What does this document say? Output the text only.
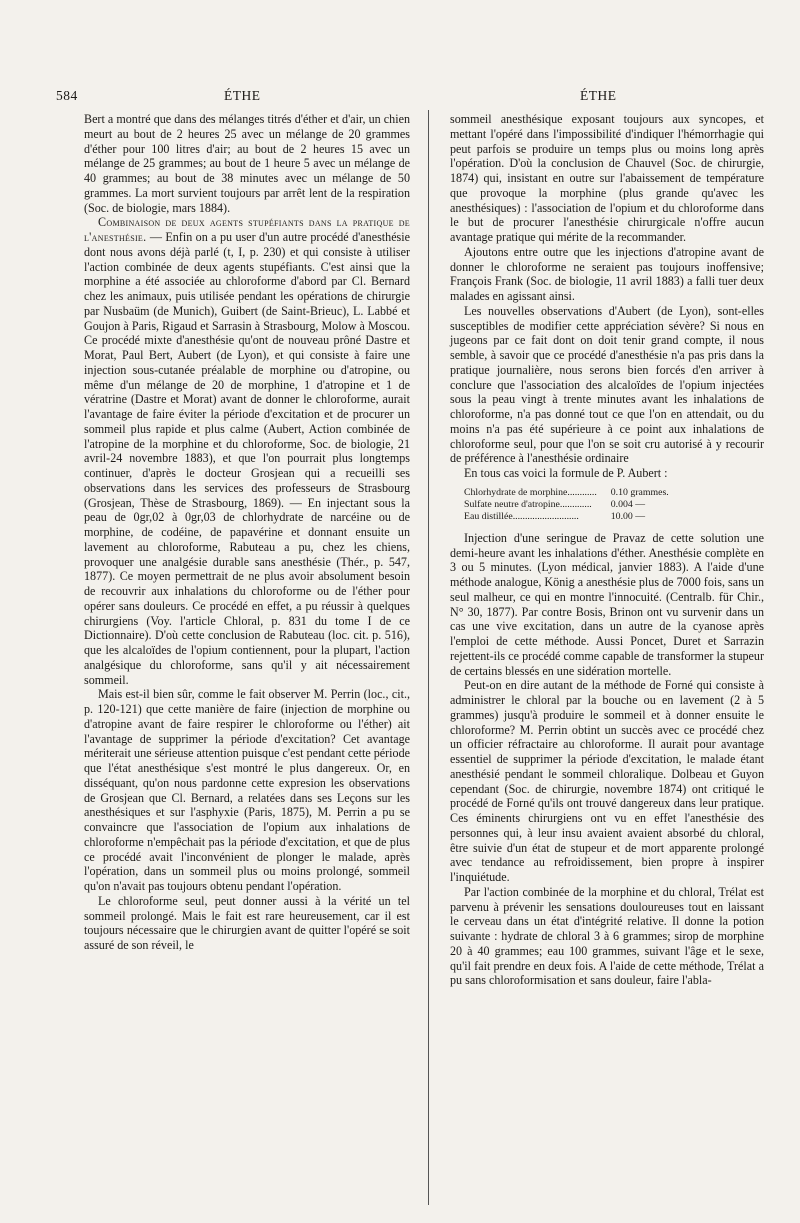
584	ÉTHE	ÉTHE

Bert a montré que dans des mélanges titrés d'éther et d'air, un chien meurt au bout de 2 heures 25 avec un mélange de 20 grammes d'éther pour 100 litres d'air; au bout de 2 heures 15 avec un mélange de 25 grammes; au bout de 1 heure 5 avec un mélange de 40 grammes; au bout de 38 minutes avec un mélange de 50 grammes. La mort survient toujours par arrêt lent de la respiration (Soc. de biologie, mars 1884).

Combinaison de deux agents stupéfiants dans la pratique de l'anesthésie. — Enfin on a pu user d'un autre procédé d'anesthésie dont nous avons déjà parlé (t, I, p. 230) et qui consiste à utiliser l'action combinée de deux agents stupéfiants. C'est ainsi que la morphine a été associée au chloroforme d'abord par Cl. Bernard chez les animaux, puis utilisée pendant les opérations de chirurgie par Nusbaüm (de Munich), Guibert (de Saint-Brieuc), L. Labbé et Goujon à Paris, Rigaud et Sarrasin à Strasbourg, Molow à Moscou. Ce procédé mixte d'anesthésie qu'ont de nouveau prôné Dastre et Morat, Paul Bert, Aubert (de Lyon), et qui consiste à faire une injection sous-cutanée préalable de morphine ou d'atropine, ou même d'un mélange de 20 de morphine, 1 d'atropine et 1 de vératrine (Dastre et Morat) avant de donner le chloroforme, aurait l'avantage de faire éviter la période d'excitation et de procurer un sommeil plus rapide et plus calme (Aubert, Action combinée de l'atropine de la morphine et du chloroforme, Soc. de biologie, 21 avril-24 novembre 1883), et que l'on pourrait plus longtemps continuer, d'après le docteur Grosjean qui a recueilli ses observations dans les services des professeurs de Strasbourg (Grosjean, Thèse de Strasbourg, 1869). — En injectant sous la peau de 0gr,02 à 0gr,03 de chlorhydrate de narcéine ou de morphine, de codéine, de papavérine et donnant ensuite un lavement au chloroforme, Rabuteau a pu, chez les chiens, provoquer une analgésie durable sans anesthésie (Thér., p. 547, 1877). Ce moyen permettrait de ne plus avoir absolument besoin de recouvrir aux inhalations du chloroforme ou de l'éther pour opérer sans douleurs. Ce procédé en effet, a pu réussir à quelques chirurgiens (Voy. l'article Chloral, p. 831 du tome I de ce Dictionnaire). D'où cette conclusion de Rabuteau (loc. cit. p. 516), que les alcaloïdes de l'opium contiennent, pour la plupart, l'action analgésique du chloroforme, sans qu'il y ait nécessairement sommeil.

Mais est-il bien sûr, comme le fait observer M. Perrin (loc., cit., p. 120-121) que cette manière de faire (injection de morphine ou d'atropine avant de faire respirer le chloroforme ou l'éther) ait l'avantage de supprimer la période d'excitation? Cet avantage mériterait une sérieuse attention puisque c'est pendant cette période que l'état anesthésique s'est montré le plus dangereux. Or, en disséquant, qu'on nous pardonne cette expresion les observations de Grosjean que Cl. Bernard, a relatées dans ses Leçons sur les anesthésiques et sur l'asphyxie (Paris, 1875), M. Perrin a pu se convaincre que l'association de l'opium aux inhalations de chloroforme n'empêchait pas la période d'excitation, et que de plus ce procédé avait l'inconvénient de plonger le malade, après l'opération, dans un sommeil plus ou moins prolongé, sommeil qu'on n'avait pas toujours obtenu pendant l'opération.

Le chloroforme seul, peut donner aussi à la vérité un tel sommeil prolongé. Mais le fait est rare heureusement, car il est toujours nécessaire que le chirurgien avant de quitter l'opéré se soit assuré de son réveil, le

sommeil anesthésique exposant toujours aux syncopes, et mettant l'opéré dans l'impossibilité d'indiquer l'hémorrhagie qui peut parfois se produire un temps plus ou moins long après l'opération. D'où la conclusion de Chauvel (Soc. de chirurgie, 1874) qui, insistant en outre sur l'abaissement de température que provoque la morphine (plus grande qu'avec les anesthésiques) : l'association de l'opium et du chloroforme dans le but de procurer l'anesthésie chirurgicale n'offre aucun avantage pratique qui mérite de la recommander.

Ajoutons entre outre que les injections d'atropine avant de donner le chloroforme ne seraient pas toujours inoffensive; François Frank (Soc. de biologie, 11 avril 1883) a falli tuer deux malades en agissant ainsi.

Les nouvelles observations d'Aubert (de Lyon), sont-elles susceptibles de modifier cette appréciation sévère? Si nous en jugeons par ce fait dont on doit tenir grand compte, il nous semble, à savoir que ce procédé d'anesthésie n'a pas pris dans la pratique journalière, nous serons bien forcés d'en arriver à conclure que l'association des alcaloïdes de l'opium injectées sous la peau vingt à trente minutes avant les inhalations de chloroforme, n'a pas donné tout ce que l'on en attendait, ou du moins n'a pas été supérieure à ce point aux inhalations de chloroforme seul, pour que l'on se soit cru autorisé à y recourir de préférence à l'anesthésie ordinaire

En tous cas voici la formule de P. Aubert :

Chlorhydrate de morphine............	0.10 grammes.
Sulfate neutre d'atropine.............	0.004 —
Eau distillée...........................	10.00 —

Injection d'une seringue de Pravaz de cette solution une demi-heure avant les inhalations d'éther. Anesthésie complète en 3 ou 5 minutes. (Lyon médical, janvier 1883). A l'aide d'une méthode analogue, König a anesthésie plus de 7000 fois, sans un seul malheur, ce qui en montre l'innocuité. (Centralb. für Chir., N° 30, 1877). Par contre Bosis, Brinon ont vu survenir dans un cas une vive excitation, dans un autre de la cyanose après l'emploi de cette méthode. Aussi Poncet, Duret et Sarrazin rejettent-ils ce procédé comme capable de transformer la stupeur de certains blessés en une sidération mortelle.

Peut-on en dire autant de la méthode de Forné qui consiste à administrer le chloral par la bouche ou en lavement (2 à 5 grammes) jusqu'à produire le sommeil et à donner ensuite le chloroforme? M. Perrin obtint un succès avec ce procédé chez un officier réfractaire au chloroforme. Il aurait pour avantage essentiel de supprimer la période d'excitation, le malade étant anesthésié pendant le sommeil chloralique. Dolbeau et Guyon cependant (Soc. de chirurgie, novembre 1874) ont critiqué le procédé de Forné qu'ils ont trouvé dangereux dans leur pratique. Ces éminents chirurgiens ont vu en effet l'anesthésie des personnes qui, à leur insu avaient avaient absorbé du chloral, être suivie d'un état de stupeur et de mort apparente prolongé avec tendance au refroidissement, bien propre à inspirer l'inquiétude.

Par l'action combinée de la morphine et du chloral, Trélat est parvenu à prévenir les sensations douloureuses tout en laissant le cerveau dans un état d'intégrité relative. Il donne la potion suivante : hydrate de chloral 3 à 6 grammes; sirop de morphine 20 à 40 grammes; eau 100 grammes, suivant l'âge et le sexe, qu'il fait prendre en deux fois. A l'aide de cette méthode, Trélat a pu sans chloroformisation et sans douleur, faire l'abla-
